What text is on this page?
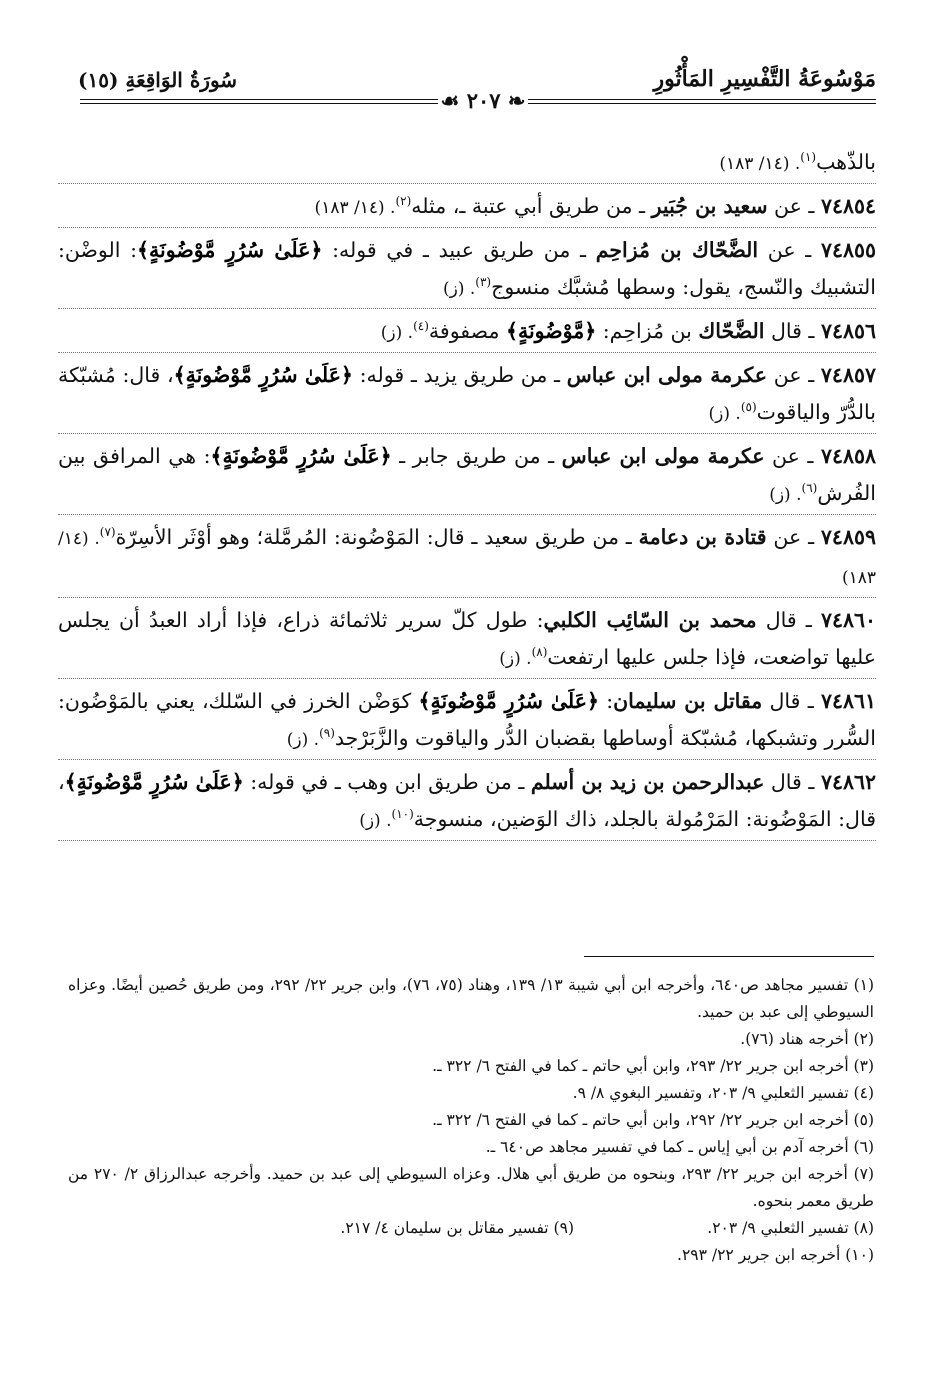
مَوْسُوعَةُ التَّفْسِيرِ المَأْثُورِ
سُورَةُ الوَاقِعَةِ (١٥)
❧ ٢٠٧ ☙

بالذّهب$^{(١)}$. (١٤/ ١٨٣)

٧٤٨٥٤ ـ عن سعيد بن جُبَير ـ من طريق أبي عتبة ـ، مثله$^{(٢)}$. (١٤/ ١٨٣)

٧٤٨٥٥ ـ عن الضَّحّاك بن مُزاحِم ـ من طريق عبيد ـ في قوله: ﴿عَلَىٰ سُرُرٍ مَّوْضُونَةٍ﴾: الوضْن: التشبيك والنّسج، يقول: وسطها مُشبَّك منسوج$^{(٣)}$. (ز)

٧٤٨٥٦ ـ قال الضَّحّاك بن مُزاحِم: ﴿مَّوْضُونَةٍ﴾ مصفوفة$^{(٤)}$. (ز)

٧٤٨٥٧ ـ عن عكرمة مولى ابن عباس ـ من طريق يزيد ـ قوله: ﴿عَلَىٰ سُرُرٍ مَّوْضُونَةٍ﴾، قال: مُشبّكة بالدُّرّ والياقوت$^{(٥)}$. (ز)

٧٤٨٥٨ ـ عن عكرمة مولى ابن عباس ـ من طريق جابر ـ ﴿عَلَىٰ سُرُرٍ مَّوْضُونَةٍ﴾: هي المرافق بين الفُرش$^{(٦)}$. (ز)

٧٤٨٥٩ ـ عن قتادة بن دعامة ـ من طريق سعيد ـ قال: المَوْضُونة: المُرمَّلة؛ وهو أوْثَر الأسِرّة$^{(٧)}$. (١٤/ ١٨٣)

٧٤٨٦٠ ـ قال محمد بن السّائِب الكلبي: طول كلّ سرير ثلاثمائة ذراع، فإذا أراد العبدُ أن يجلس عليها تواضعت، فإذا جلس عليها ارتفعت$^{(٨)}$. (ز)

٧٤٨٦١ ـ قال مقاتل بن سليمان: ﴿عَلَىٰ سُرُرٍ مَّوْضُونَةٍ﴾ كوَضْن الخرز في السّلك، يعني بالمَوْضُون: السُّرر وتشبكها، مُشبّكة أوساطها بقضبان الدُّر والياقوت والزَّبَرْجد$^{(٩)}$. (ز)

٧٤٨٦٢ ـ قال عبدالرحمن بن زيد بن أسلم ـ من طريق ابن وهب ـ في قوله: ﴿عَلَىٰ سُرُرٍ مَّوْضُونَةٍ﴾، قال: المَوْضُونة: المَرْمُولة بالجلد، ذاك الوَضين، منسوجة$^{(١٠)}$. (ز)

(١) تفسير مجاهد ص٦٤٠، وأخرجه ابن أبي شيبة ١٣/ ١٣٩، وهناد (٧٥، ٧٦)، وابن جرير ٢٢/ ٢٩٢، ومن طريق حُصين أيضًا. وعزاه السيوطي إلى عبد بن حميد.

(٢) أخرجه هناد (٧٦).

(٣) أخرجه ابن جرير ٢٢/ ٢٩٣، وابن أبي حاتم ـ كما في الفتح ٦/ ٣٢٢ ـ.

(٤) تفسير الثعلبي ٩/ ٢٠٣، وتفسير البغوي ٨/ ٩.

(٥) أخرجه ابن جرير ٢٢/ ٢٩٢، وابن أبي حاتم ـ كما في الفتح ٦/ ٣٢٢ ـ.

(٦) أخرجه آدم بن أبي إياس ـ كما في تفسير مجاهد ص٦٤٠ ـ.

(٧) أخرجه ابن جرير ٢٢/ ٢٩٣، وبنحوه من طريق أبي هلال. وعزاه السيوطي إلى عبد بن حميد. وأخرجه عبدالرزاق ٢/ ٢٧٠ من طريق معمر بنحوه.

(٨) تفسير الثعلبي ٩/ ٢٠٣.

(٩) تفسير مقاتل بن سليمان ٤/ ٢١٧.

(١٠) أخرجه ابن جرير ٢٢/ ٢٩٣.
